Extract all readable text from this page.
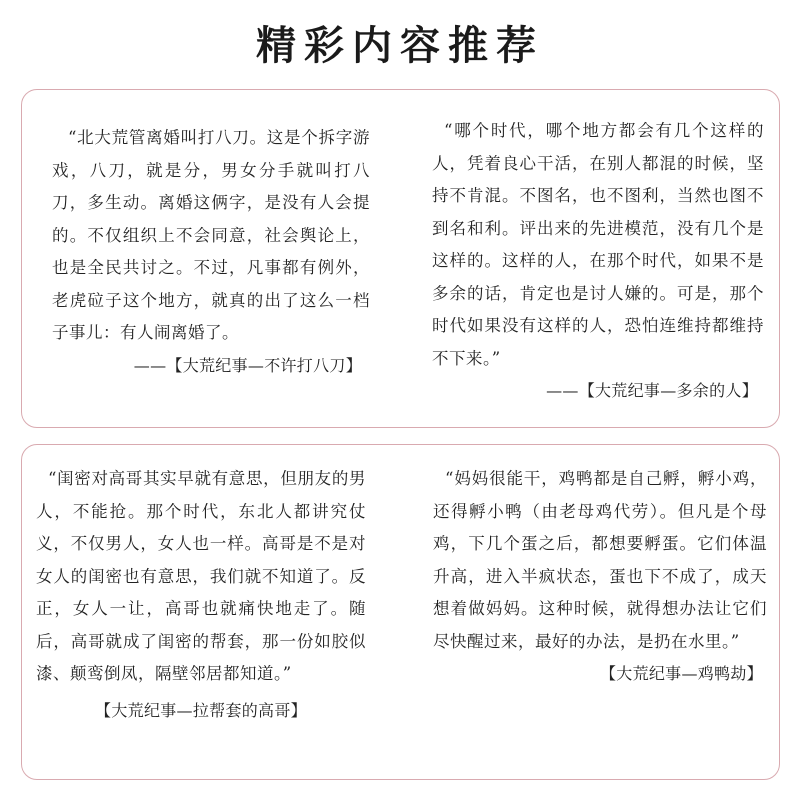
精彩内容推荐

“北大荒管离婚叫打八刀。这是个拆字游戏，八刀，就是分，男女分手就叫打八刀，多生动。离婚这俩字，是没有人会提的。不仅组织上不会同意，社会舆论上，也是全民共讨之。不过，凡事都有例外，老虎砬子这个地方，就真的出了这么一档子事儿：有人闹离婚了。

——【大荒纪事—不许打八刀】

“哪个时代，哪个地方都会有几个这样的人，凭着良心干活，在别人都混的时候，坚持不肯混。不图名，也不图利，当然也图不到名和利。评出来的先进模范，没有几个是这样的。这样的人，在那个时代，如果不是多余的话，肯定也是讨人嫌的。可是，那个时代如果没有这样的人，恐怕连维持都维持不下来。”

——【大荒纪事—多余的人】

“闺密对高哥其实早就有意思，但朋友的男人，不能抢。那个时代，东北人都讲究仗义，不仅男人，女人也一样。高哥是不是对女人的闺密也有意思，我们就不知道了。反正，女人一让，高哥也就痛快地走了。随后，高哥就成了闺密的帮套，那一份如胶似漆、颠鸾倒凤，隔壁邻居都知道。”

【大荒纪事—拉帮套的高哥】

“妈妈很能干，鸡鸭都是自己孵，孵小鸡，还得孵小鸭（由老母鸡代劳）。但凡是个母鸡，下几个蛋之后，都想要孵蛋。它们体温升高，进入半疯状态，蛋也下不成了，成天想着做妈妈。这种时候，就得想办法让它们尽快醒过来，最好的办法，是扔在水里。”

【大荒纪事—鸡鸭劫】
